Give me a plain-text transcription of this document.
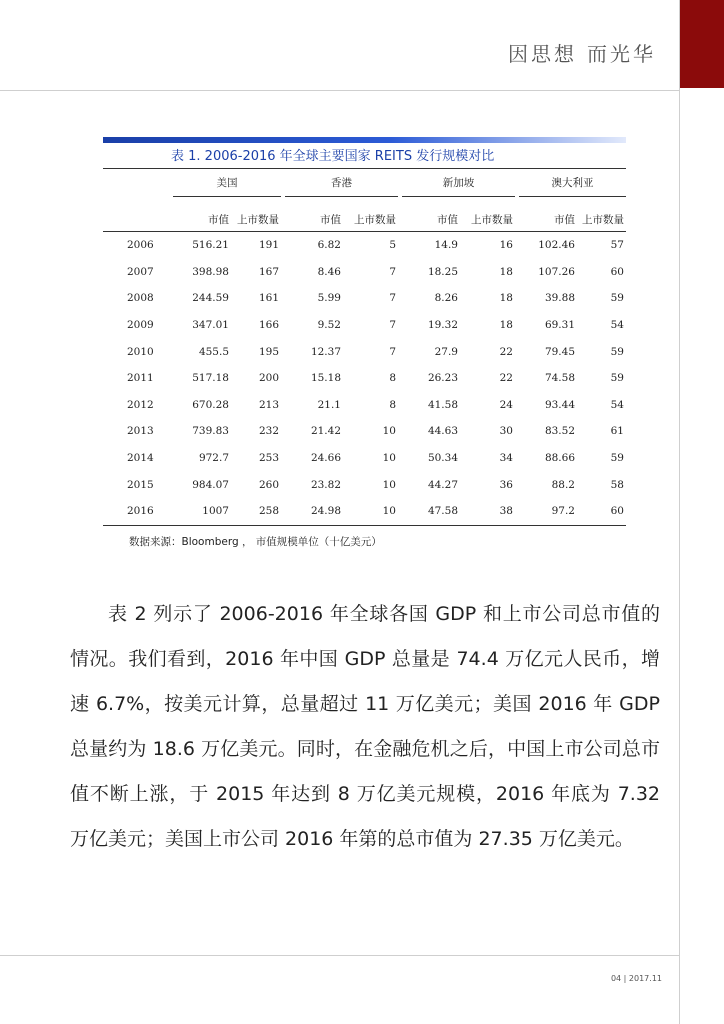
因思想 而光华
表 1. 2006-2016 年全球主要国家 REITS 发行规模对比
	美国			香港			新加坡			澳大利亚	
	市值	上市数量		市值	上市数量		市值	上市数量		市值	上市数量
2006	516.21	191		6.82	5		14.9	16		102.46	57
2007	398.98	167		8.46	7		18.25	18		107.26	60
2008	244.59	161		5.99	7		8.26	18		39.88	59
2009	347.01	166		9.52	7		19.32	18		69.31	54
2010	455.5	195		12.37	7		27.9	22		79.45	59
2011	517.18	200		15.18	8		26.23	22		74.58	59
2012	670.28	213		21.1	8		41.58	24		93.44	54
2013	739.83	232		21.42	10		44.63	30		83.52	61
2014	972.7	253		24.66	10		50.34	34		88.66	59
2015	984.07	260		23.82	10		44.27	36		88.2	58
2016	1007	258		24.98	10		47.58	38		97.2	60
数据来源：Bloomberg ， 市值规模单位（十亿美元）
表 2 列示了 2006-2016 年全球各国 GDP 和上市公司总市值的情况。我们看到，2016 年中国 GDP 总量是 74.4 万亿元人民币，增速 6.7%，按美元计算，总量超过 11 万亿美元；美国 2016 年 GDP 总量约为 18.6 万亿美元。同时，在金融危机之后，中国上市公司总市值不断上涨，于 2015 年达到 8 万亿美元规模，2016 年底为 7.32 万亿美元；美国上市公司 2016 年第的总市值为 27.35 万亿美元。
04 | 2017.11
